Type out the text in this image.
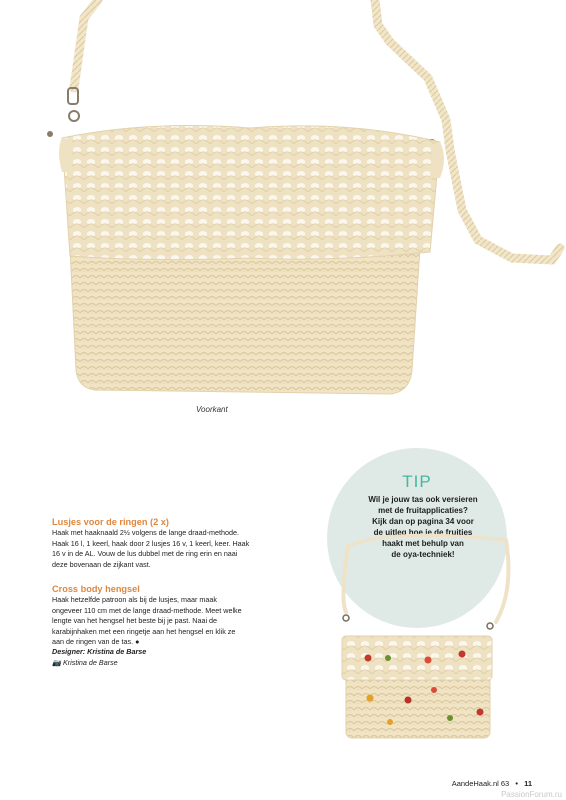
Voorkant
TIP
Wil je jouw tas ook versieren
met de fruitapplicaties?
Kijk dan op pagina 34 voor
de uitleg hoe je de fruitjes
haakt met behulp van
de oya-techniek!
Lusjes voor de ringen (2 x)
Haak met haaknaald 2½ volgens de lange draad-methode.
Haak 16 l, 1 keerl, haak door 2 lusjes 16 v, 1 keerl, keer. Haak
16 v in de AL. Vouw de lus dubbel met de ring erin en naai
deze bovenaan de zijkant vast.
Cross body hengsel
Haak hetzelfde patroon als bij de lusjes, maar maak
ongeveer 110 cm met de lange draad-methode. Meet welke
lengte van het hengsel het beste bij je past. Naai de
karabijnhaken met een ringetje aan het hengsel en klik ze
aan de ringen van de tas. ●
Designer: Kristina de Barse
📷 Kristina de Barse
AandeHaak.nl 63 • 11
PassionForum.ru
